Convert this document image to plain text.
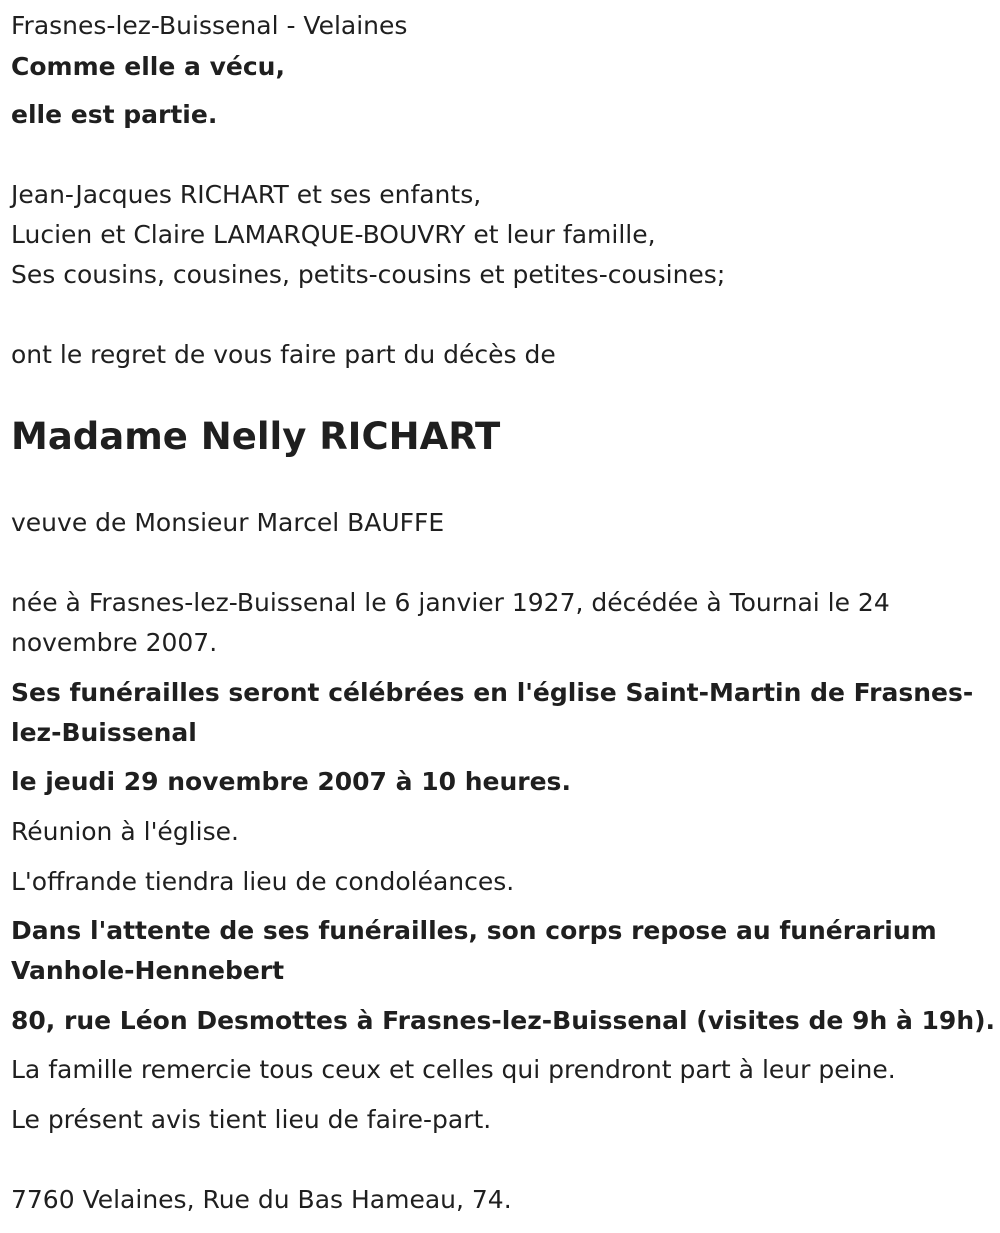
Frasnes-lez-Buissenal - Velaines

Comme elle a vécu,

elle est partie.

Jean-Jacques RICHART et ses enfants,

Lucien et Claire LAMARQUE-BOUVRY et leur famille,

Ses cousins, cousines, petits-cousins et petites-cousines;

ont le regret de vous faire part du décès de

Madame Nelly RICHART

veuve de Monsieur Marcel BAUFFE

née à Frasnes-lez-Buissenal le 6 janvier 1927, décédée à Tournai le 24 novembre 2007.

Ses funérailles seront célébrées en l'église Saint-Martin de Frasnes-lez-Buissenal

le jeudi 29 novembre 2007 à 10 heures.

Réunion à l'église.

L'offrande tiendra lieu de condoléances.

Dans l'attente de ses funérailles, son corps repose au funérarium Vanhole-Hennebert

80, rue Léon Desmottes à Frasnes-lez-Buissenal (visites de 9h à 19h).

La famille remercie tous ceux et celles qui prendront part à leur peine.

Le présent avis tient lieu de faire-part.

7760 Velaines, Rue du Bas Hameau, 74.
